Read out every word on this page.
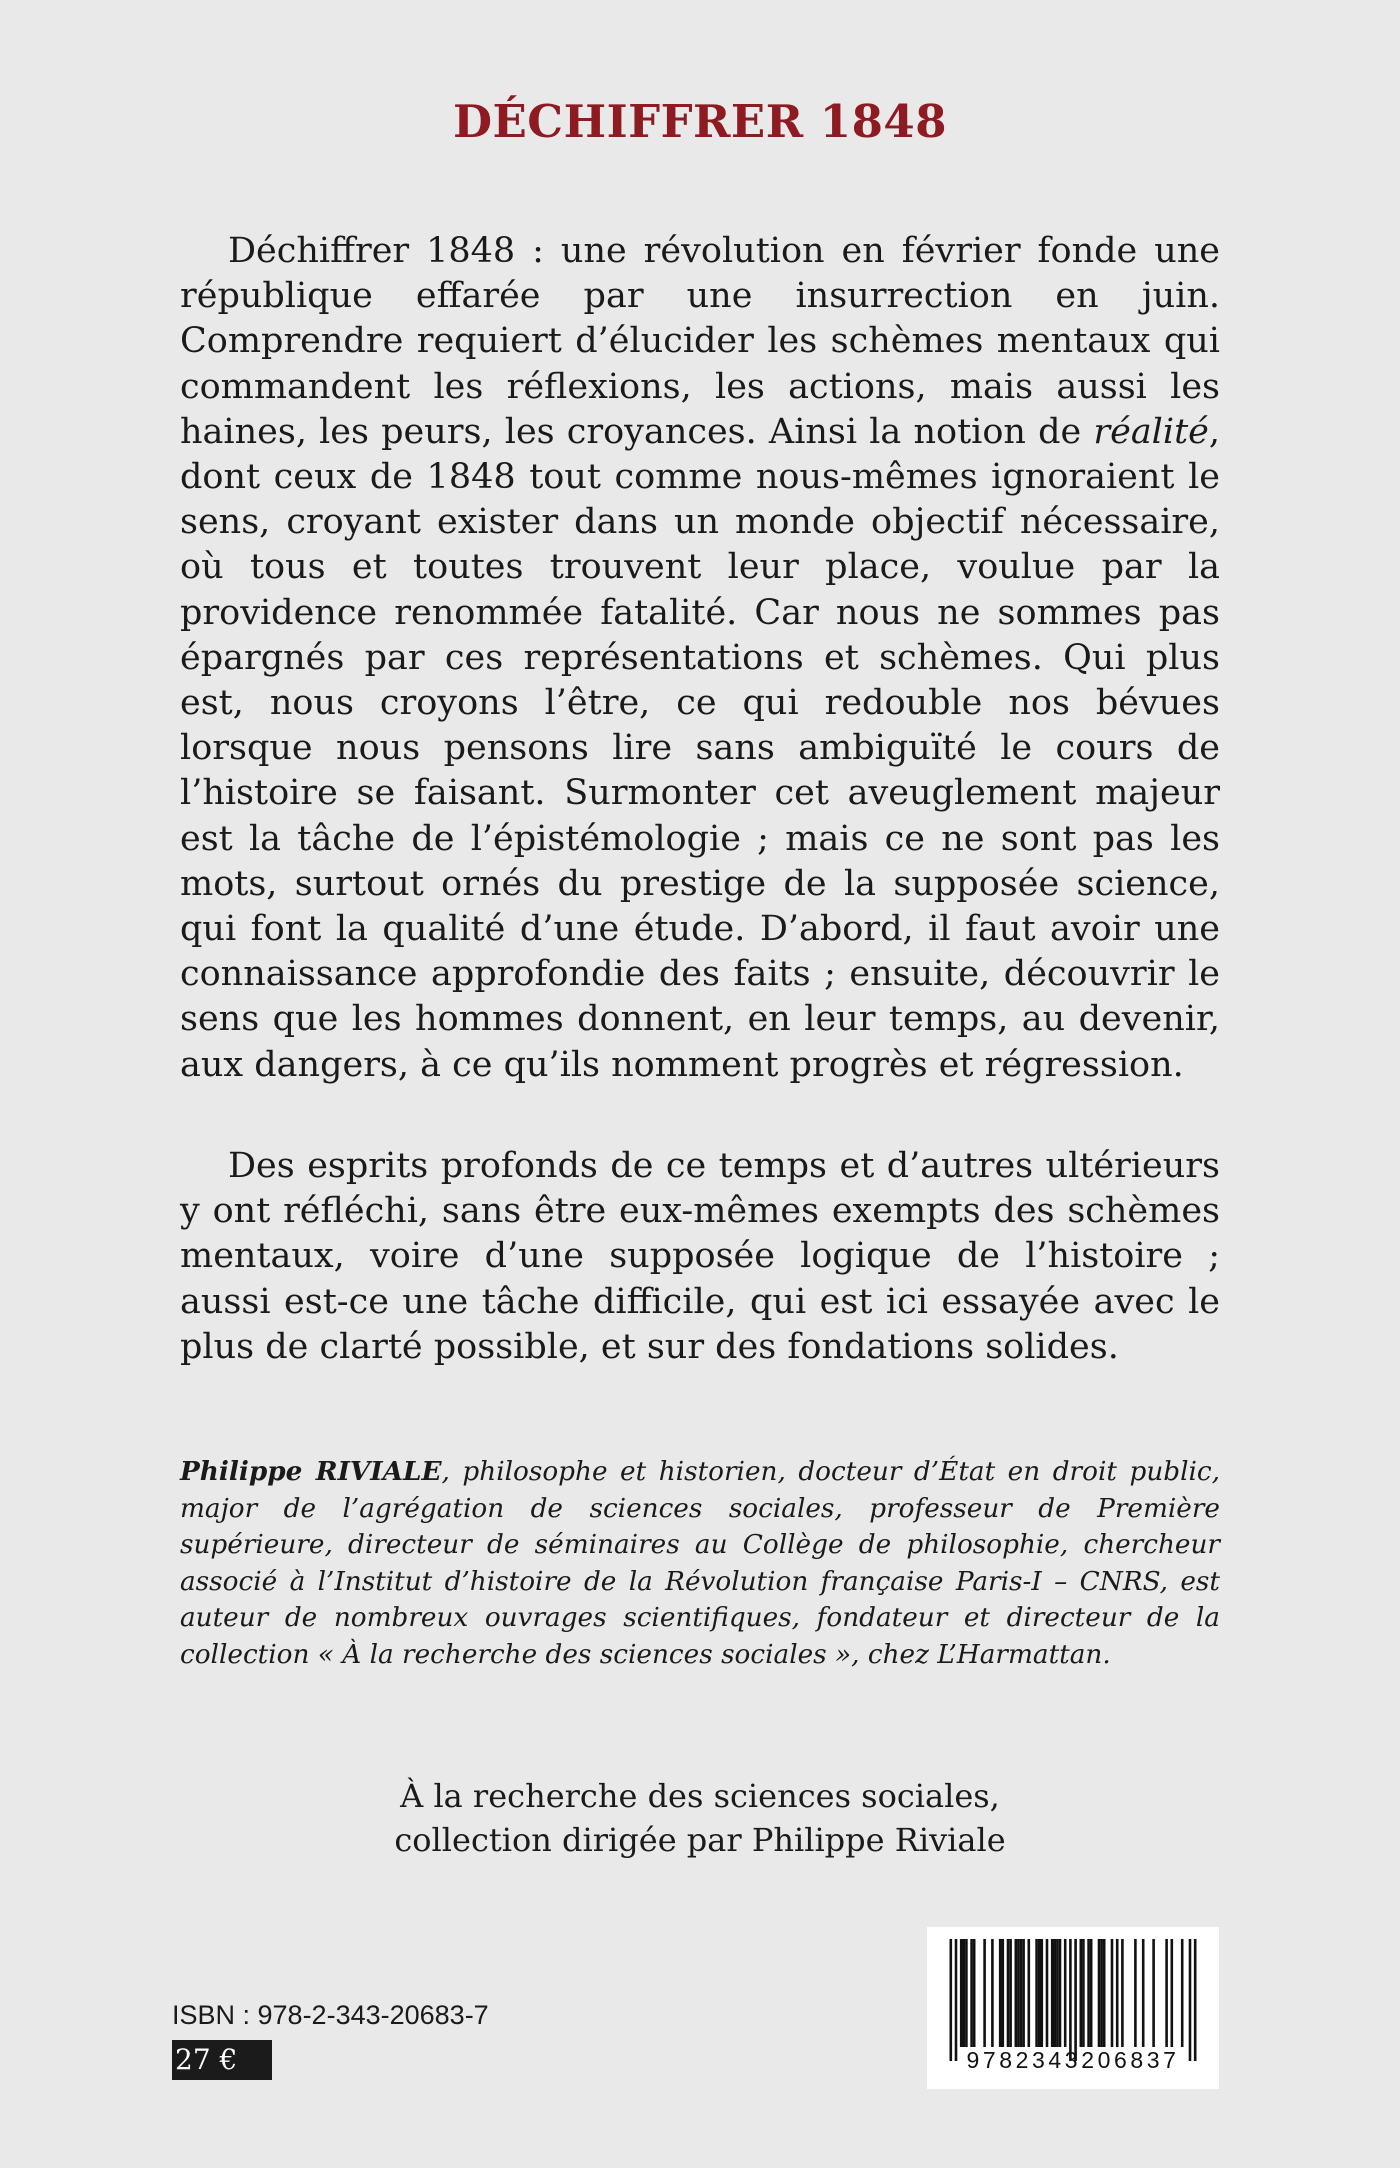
DÉCHIFFRER 1848

Déchiffrer 1848 : une révolution en février fonde une république effarée par une insurrection en juin. Comprendre requiert d’élucider les schèmes mentaux qui commandent les réflexions, les actions, mais aussi les haines, les peurs, les croyances. Ainsi la notion de réalité, dont ceux de 1848 tout comme nous-mêmes ignoraient le sens, croyant exister dans un monde objectif nécessaire, où tous et toutes trouvent leur place, voulue par la providence renommée fatalité. Car nous ne sommes pas épargnés par ces représentations et schèmes. Qui plus est, nous croyons l’être, ce qui redouble nos bévues lorsque nous pensons lire sans ambiguïté le cours de l’histoire se faisant. Surmonter cet aveuglement majeur est la tâche de l’épistémologie ; mais ce ne sont pas les mots, surtout ornés du prestige de la supposée science, qui font la qualité d’une étude. D’abord, il faut avoir une connaissance approfondie des faits ; ensuite, découvrir le sens que les hommes donnent, en leur temps, au devenir, aux dangers, à ce qu’ils nomment progrès et régression.

Des esprits profonds de ce temps et d’autres ultérieurs y ont réfléchi, sans être eux-mêmes exempts des schèmes mentaux, voire d’une supposée logique de l’histoire ; aussi est-ce une tâche difficile, qui est ici essayée avec le plus de clarté possible, et sur des fondations solides.

Philippe RIVIALE, philosophe et historien, docteur d’État en droit public, major de l’agrégation de sciences sociales, professeur de Première supérieure, directeur de séminaires au Collège de philosophie, chercheur associé à l’Institut d’histoire de la Révolution française Paris-I – CNRS, est auteur de nombreux ouvrages scientifiques, fondateur et directeur de la collection « À la recherche des sciences sociales », chez L’Harmattan.

À la recherche des sciences sociales,
collection dirigée par Philippe Riviale
ISBN : 978-2-343-20683-7
27 €	9782343206837
